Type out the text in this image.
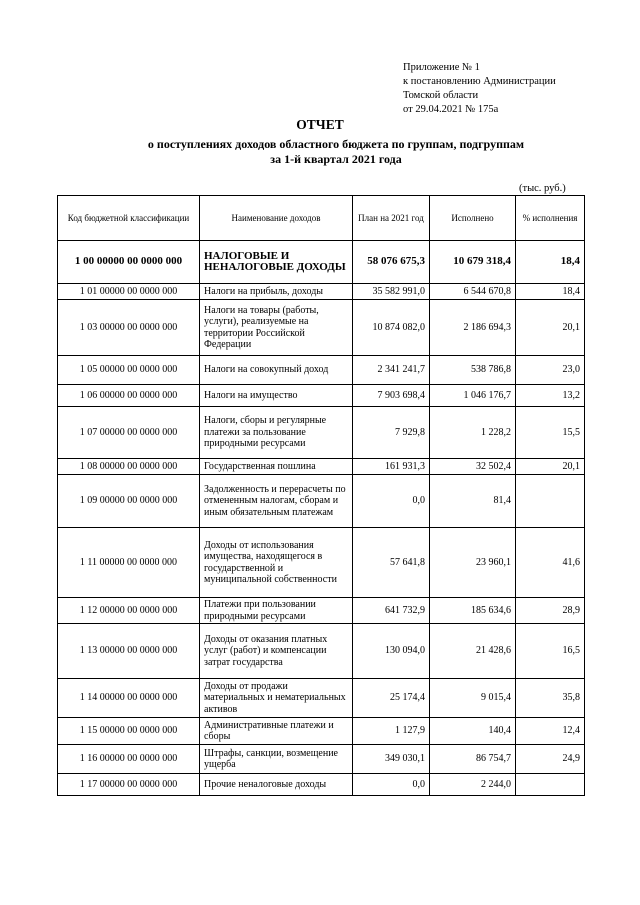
Приложение № 1
к постановлению Администрации
Томской области
от 29.04.2021 № 175а
ОТЧЕТ
о поступлениях доходов областного бюджета по группам, подгруппам
за 1-й квартал 2021 года
(тыс. руб.)
Код бюджетной классификации	Наименование доходов	План на 2021 год	Исполнено	% исполнения
1 00 00000 00 0000 000	НАЛОГОВЫЕ И НЕНАЛОГОВЫЕ ДОХОДЫ	58 076 675,3	10 679 318,4	18,4
1 01 00000 00 0000 000	Налоги на прибыль, доходы	35 582 991,0	6 544 670,8	18,4
1 03 00000 00 0000 000	Налоги на товары (работы, услуги), реализуемые на территории Российской Федерации	10 874 082,0	2 186 694,3	20,1
1 05 00000 00 0000 000	Налоги на совокупный доход	2 341 241,7	538 786,8	23,0
1 06 00000 00 0000 000	Налоги на имущество	7 903 698,4	1 046 176,7	13,2
1 07 00000 00 0000 000	Налоги, сборы и регулярные платежи за пользование природными ресурсами	7 929,8	1 228,2	15,5
1 08 00000 00 0000 000	Государственная пошлина	161 931,3	32 502,4	20,1
1 09 00000 00 0000 000	Задолженность и перерасчеты по отмененным налогам, сборам и иным обязательным платежам	0,0	81,4	
1 11 00000 00 0000 000	Доходы от использования имущества, находящегося в государственной и муниципальной собственности	57 641,8	23 960,1	41,6
1 12 00000 00 0000 000	Платежи при пользовании природными ресурсами	641 732,9	185 634,6	28,9
1 13 00000 00 0000 000	Доходы от оказания платных услуг (работ) и компенсации затрат государства	130 094,0	21 428,6	16,5
1 14 00000 00 0000 000	Доходы от продажи материальных и нематериальных активов	25 174,4	9 015,4	35,8
1 15 00000 00 0000 000	Административные платежи и сборы	1 127,9	140,4	12,4
1 16 00000 00 0000 000	Штрафы, санкции, возмещение ущерба	349 030,1	86 754,7	24,9
1 17 00000 00 0000 000	Прочие неналоговые доходы	0,0	2 244,0	
